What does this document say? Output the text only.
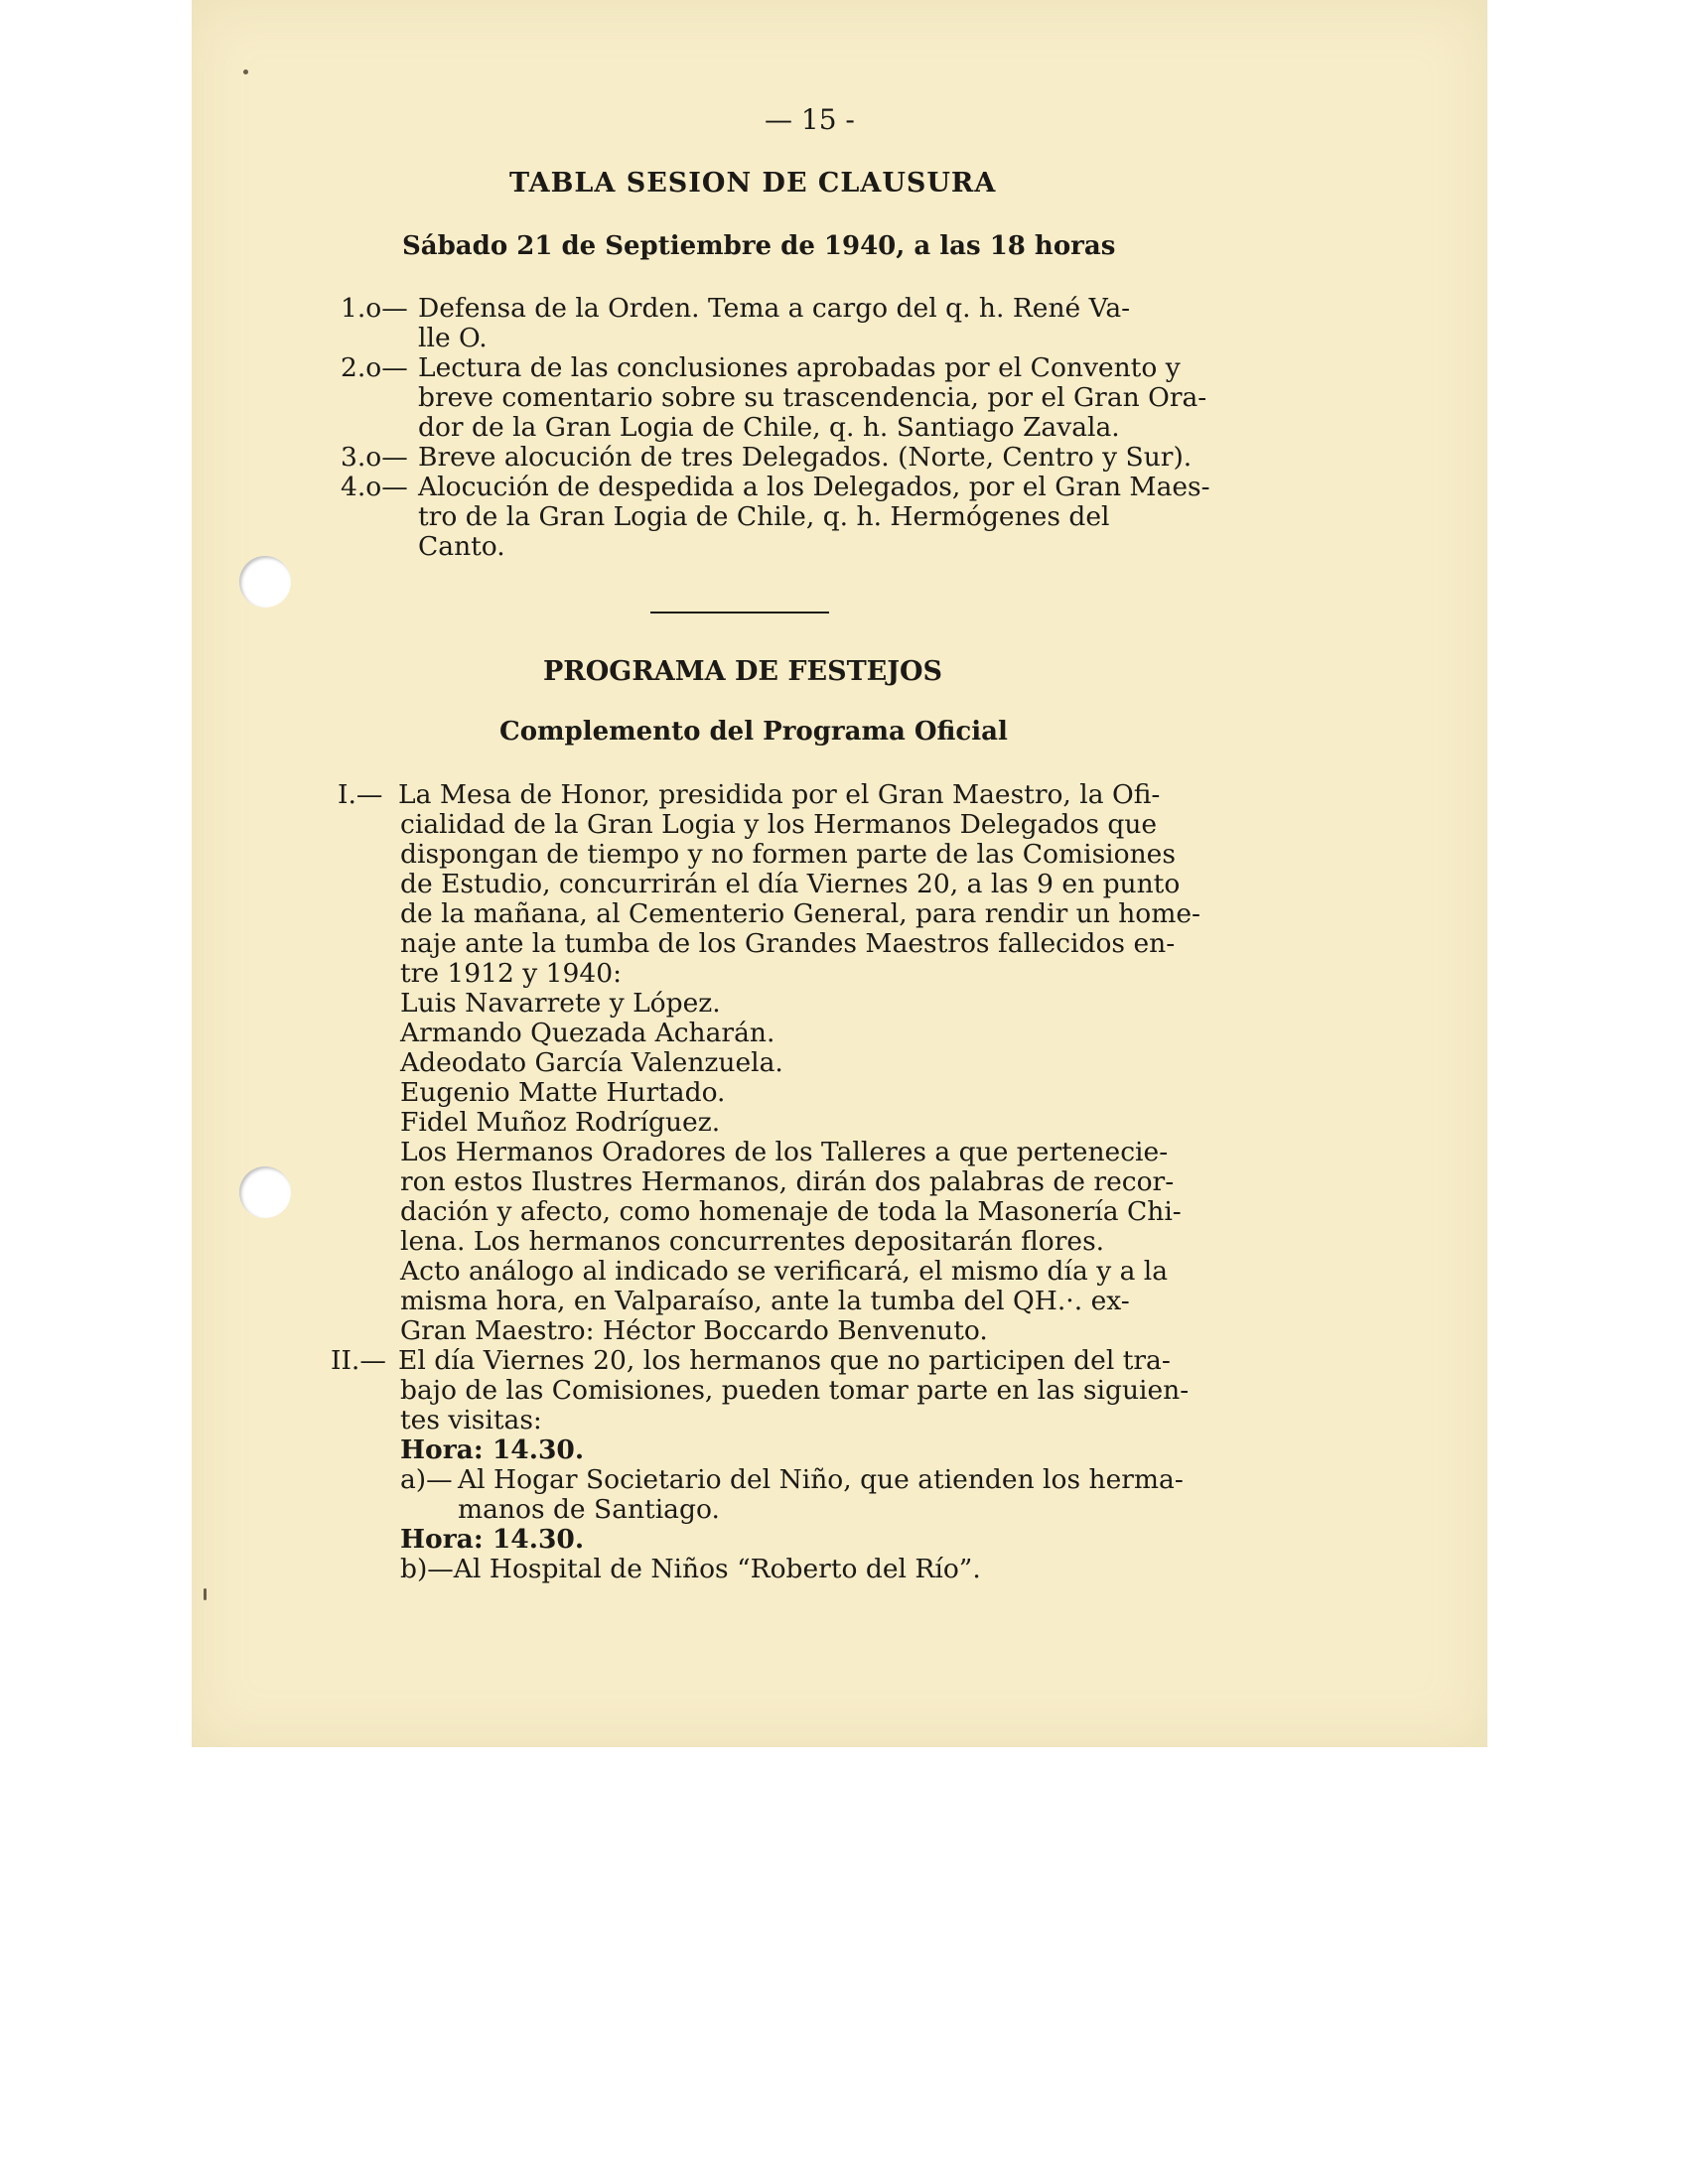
— 15 -
TABLA SESION DE CLAUSURA
Sábado 21 de Septiembre de 1940, a las 18 horas
1.o— Defensa de la Orden. Tema a cargo del q. h. René Va-
lle O.
2.o— Lectura de las conclusiones aprobadas por el Convento y
breve comentario sobre su trascendencia, por el Gran Ora-
dor de la Gran Logia de Chile, q. h. Santiago Zavala.
3.o— Breve alocución de tres Delegados. (Norte, Centro y Sur).
4.o— Alocución de despedida a los Delegados, por el Gran Maes-
tro de la Gran Logia de Chile, q. h. Hermógenes del
Canto.
PROGRAMA DE FESTEJOS
Complemento del Programa Oficial
I.— La Mesa de Honor, presidida por el Gran Maestro, la Ofi-
cialidad de la Gran Logia y los Hermanos Delegados que
dispongan de tiempo y no formen parte de las Comisiones
de Estudio, concurrirán el día Viernes 20, a las 9 en punto
de la mañana, al Cementerio General, para rendir un home-
naje ante la tumba de los Grandes Maestros fallecidos en-
tre 1912 y 1940:
Luis Navarrete y López.
Armando Quezada Acharán.
Adeodato García Valenzuela.
Eugenio Matte Hurtado.
Fidel Muñoz Rodríguez.
Los Hermanos Oradores de los Talleres a que pertenecie-
ron estos Ilustres Hermanos, dirán dos palabras de recor-
dación y afecto, como homenaje de toda la Masonería Chi-
lena. Los hermanos concurrentes depositarán flores.
Acto análogo al indicado se verificará, el mismo día y a la
misma hora, en Valparaíso, ante la tumba del QH.·. ex-
Gran Maestro: Héctor Boccardo Benvenuto.
II.— El día Viernes 20, los hermanos que no participen del tra-
bajo de las Comisiones, pueden tomar parte en las siguien-
tes visitas:
Hora: 14.30.
a)— Al Hogar Societario del Niño, que atienden los herma-
manos de Santiago.
Hora: 14.30.
b)—Al Hospital de Niños “Roberto del Río”.
